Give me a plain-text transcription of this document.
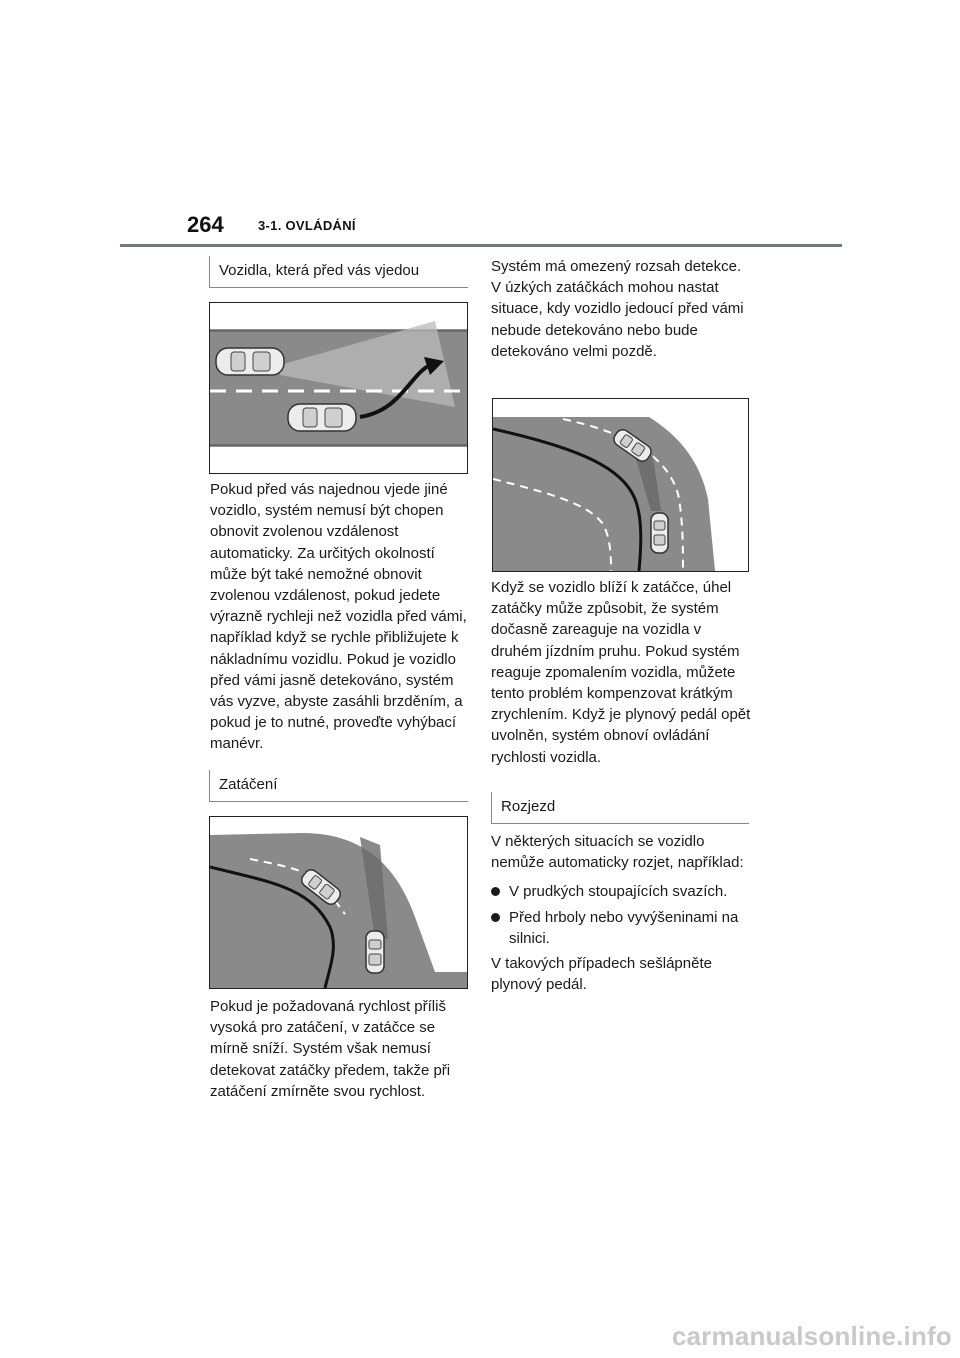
264	3-1. OVLÁDÁNÍ
Vozidla, která před vás vjedou

Pokud před vás najednou vjede jiné vozidlo, systém nemusí být chopen obnovit zvolenou vzdálenost automaticky. Za určitých okolností může být také nemožné obnovit zvolenou vzdálenost, pokud jedete výrazně rychleji než vozidla před vámi, například když se rychle přibližujete k nákladnímu vozidlu. Pokud je vozidlo před vámi jasně detekováno, systém vás vyzve, abyste zasáhli brzděním, a pokud je to nutné, proveďte vyhýbací manévr.

Zatáčení

Pokud je požadovaná rychlost příliš vysoká pro zatáčení, v zatáčce se mírně sníží. Systém však nemusí detekovat zatáčky předem, takže při zatáčení zmírněte svou rychlost.

Systém má omezený rozsah detekce. V úzkých zatáčkách mohou nastat situace, kdy vozidlo jedoucí před vámi nebude detekováno nebo bude detekováno velmi pozdě.

Když se vozidlo blíží k zatáčce, úhel zatáčky může způsobit, že systém dočasně zareaguje na vozidla v druhém jízdním pruhu. Pokud systém reaguje zpomalením vozidla, můžete tento problém kompenzovat krátkým zrychlením. Když je plynový pedál opět uvolněn, systém obnoví ovládání rychlosti vozidla.

Rozjezd

V některých situacích se vozidlo nemůže automaticky rozjet, například:

V prudkých stoupajících svazích.
Před hrboly nebo vyvýšeninami na silnici.

V takových případech sešlápněte plynový pedál.

carmanualsonline.info
